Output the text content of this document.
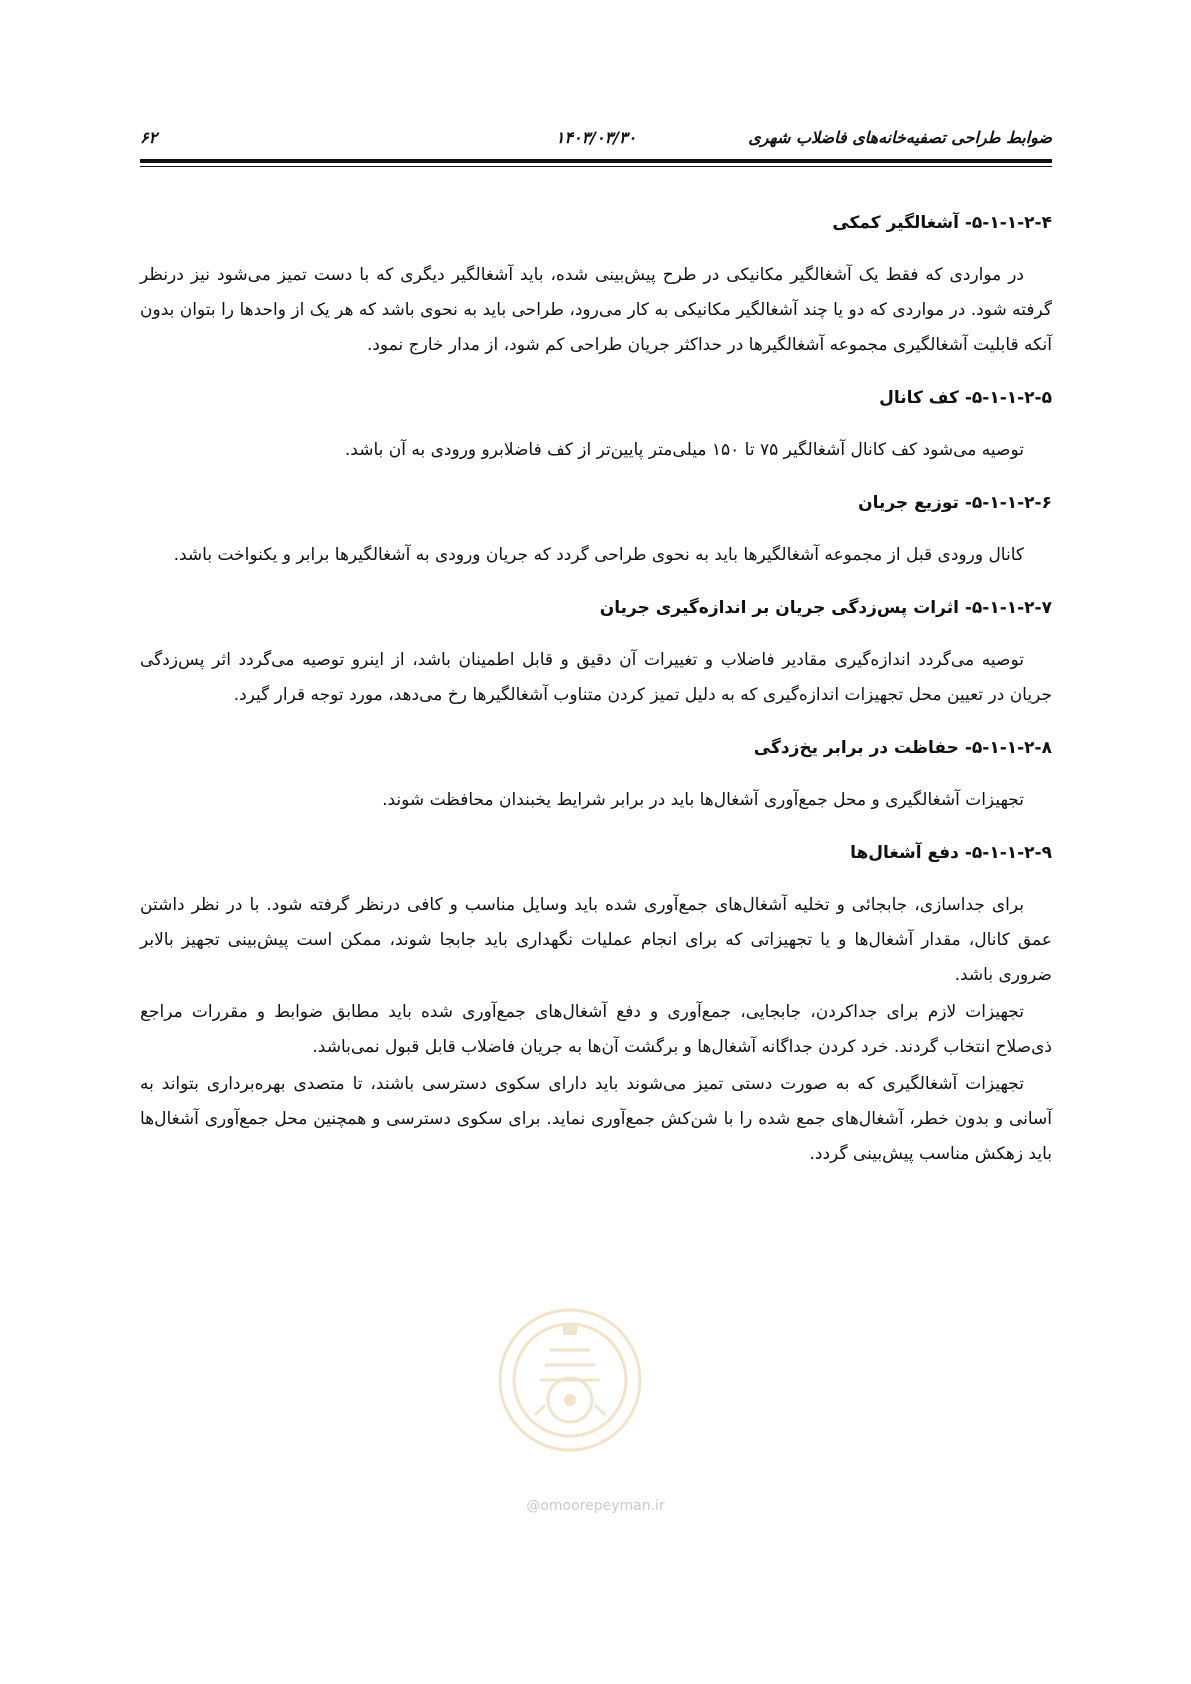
ضوابط طراحی تصفیه‌خانه‌های فاضلاب شهری
۱۴۰۳/۰۳/۳۰
۶۲
۵-۱-۱-۲-۴- آشغالگیر کمکی

در مواردی که فقط یک آشغالگیر مکانیکی در طرح پیش‌بینی شده، باید آشغالگیر دیگری که با دست تمیز می‌شود نیز درنظر گرفته شود. در مواردی که دو یا چند آشغالگیر مکانیکی به کار می‌رود، طراحی باید به نحوی باشد که هر یک از واحدها را بتوان بدون آنکه قابلیت آشغالگیری مجموعه آشغالگیرها در حداکثر جریان طراحی کم شود، از مدار خارج نمود.

۵-۱-۱-۲-۵- کف کانال

توصیه می‌شود کف کانال آشغالگیر ۷۵ تا ۱۵۰ میلی‌متر پایین‌تر از کف فاضلابرو ورودی به آن باشد.

۵-۱-۱-۲-۶- توزیع جریان

کانال ورودی قبل از مجموعه آشغالگیرها باید به نحوی طراحی گردد که جریان ورودی به آشغالگیرها برابر و یکنواخت باشد.

۵-۱-۱-۲-۷- اثرات پس‌زدگی جریان بر اندازه‌گیری جریان

توصیه می‌گردد اندازه‌گیری مقادیر فاضلاب و تغییرات آن دقیق و قابل اطمینان باشد، از اینرو توصیه می‌گردد اثر پس‌زدگی جریان در تعیین محل تجهیزات اندازه‌گیری که به دلیل تمیز کردن متناوب آشغالگیرها رخ می‌دهد، مورد توجه قرار گیرد.

۵-۱-۱-۲-۸- حفاظت در برابر یخ‌زدگی

تجهیزات آشغالگیری و محل جمع‌آوری آشغال‌ها باید در برابر شرایط یخبندان محافظت شوند.

۵-۱-۱-۲-۹- دفع آشغال‌ها

برای جداسازی، جابجائی و تخلیه آشغال‌های جمع‌آوری شده باید وسایل مناسب و کافی درنظر گرفته شود. با در نظر داشتن عمق کانال، مقدار آشغال‌ها و یا تجهیزاتی که برای انجام عملیات نگهداری باید جابجا شوند، ممکن است پیش‌بینی تجهیز بالابر ضروری باشد.

تجهیزات لازم برای جداکردن، جابجایی، جمع‌آوری و دفع آشغال‌های جمع‌آوری شده باید مطابق ضوابط و مقررات مراجع ذی‌صلاح انتخاب گردند. خرد کردن جداگانه آشغال‌ها و برگشت آن‌ها به جریان فاضلاب قابل قبول نمی‌باشد.

تجهیزات آشغالگیری که به صورت دستی تمیز می‌شوند باید دارای سکوی دسترسی باشند، تا متصدی بهره‌برداری بتواند به آسانی و بدون خطر، آشغال‌های جمع شده را با شن‌کش جمع‌آوری نماید. برای سکوی دسترسی و همچنین محل جمع‌آوری آشغال‌ها باید زهکش مناسب پیش‌بینی گردد.

@omoorepeyman.ir
